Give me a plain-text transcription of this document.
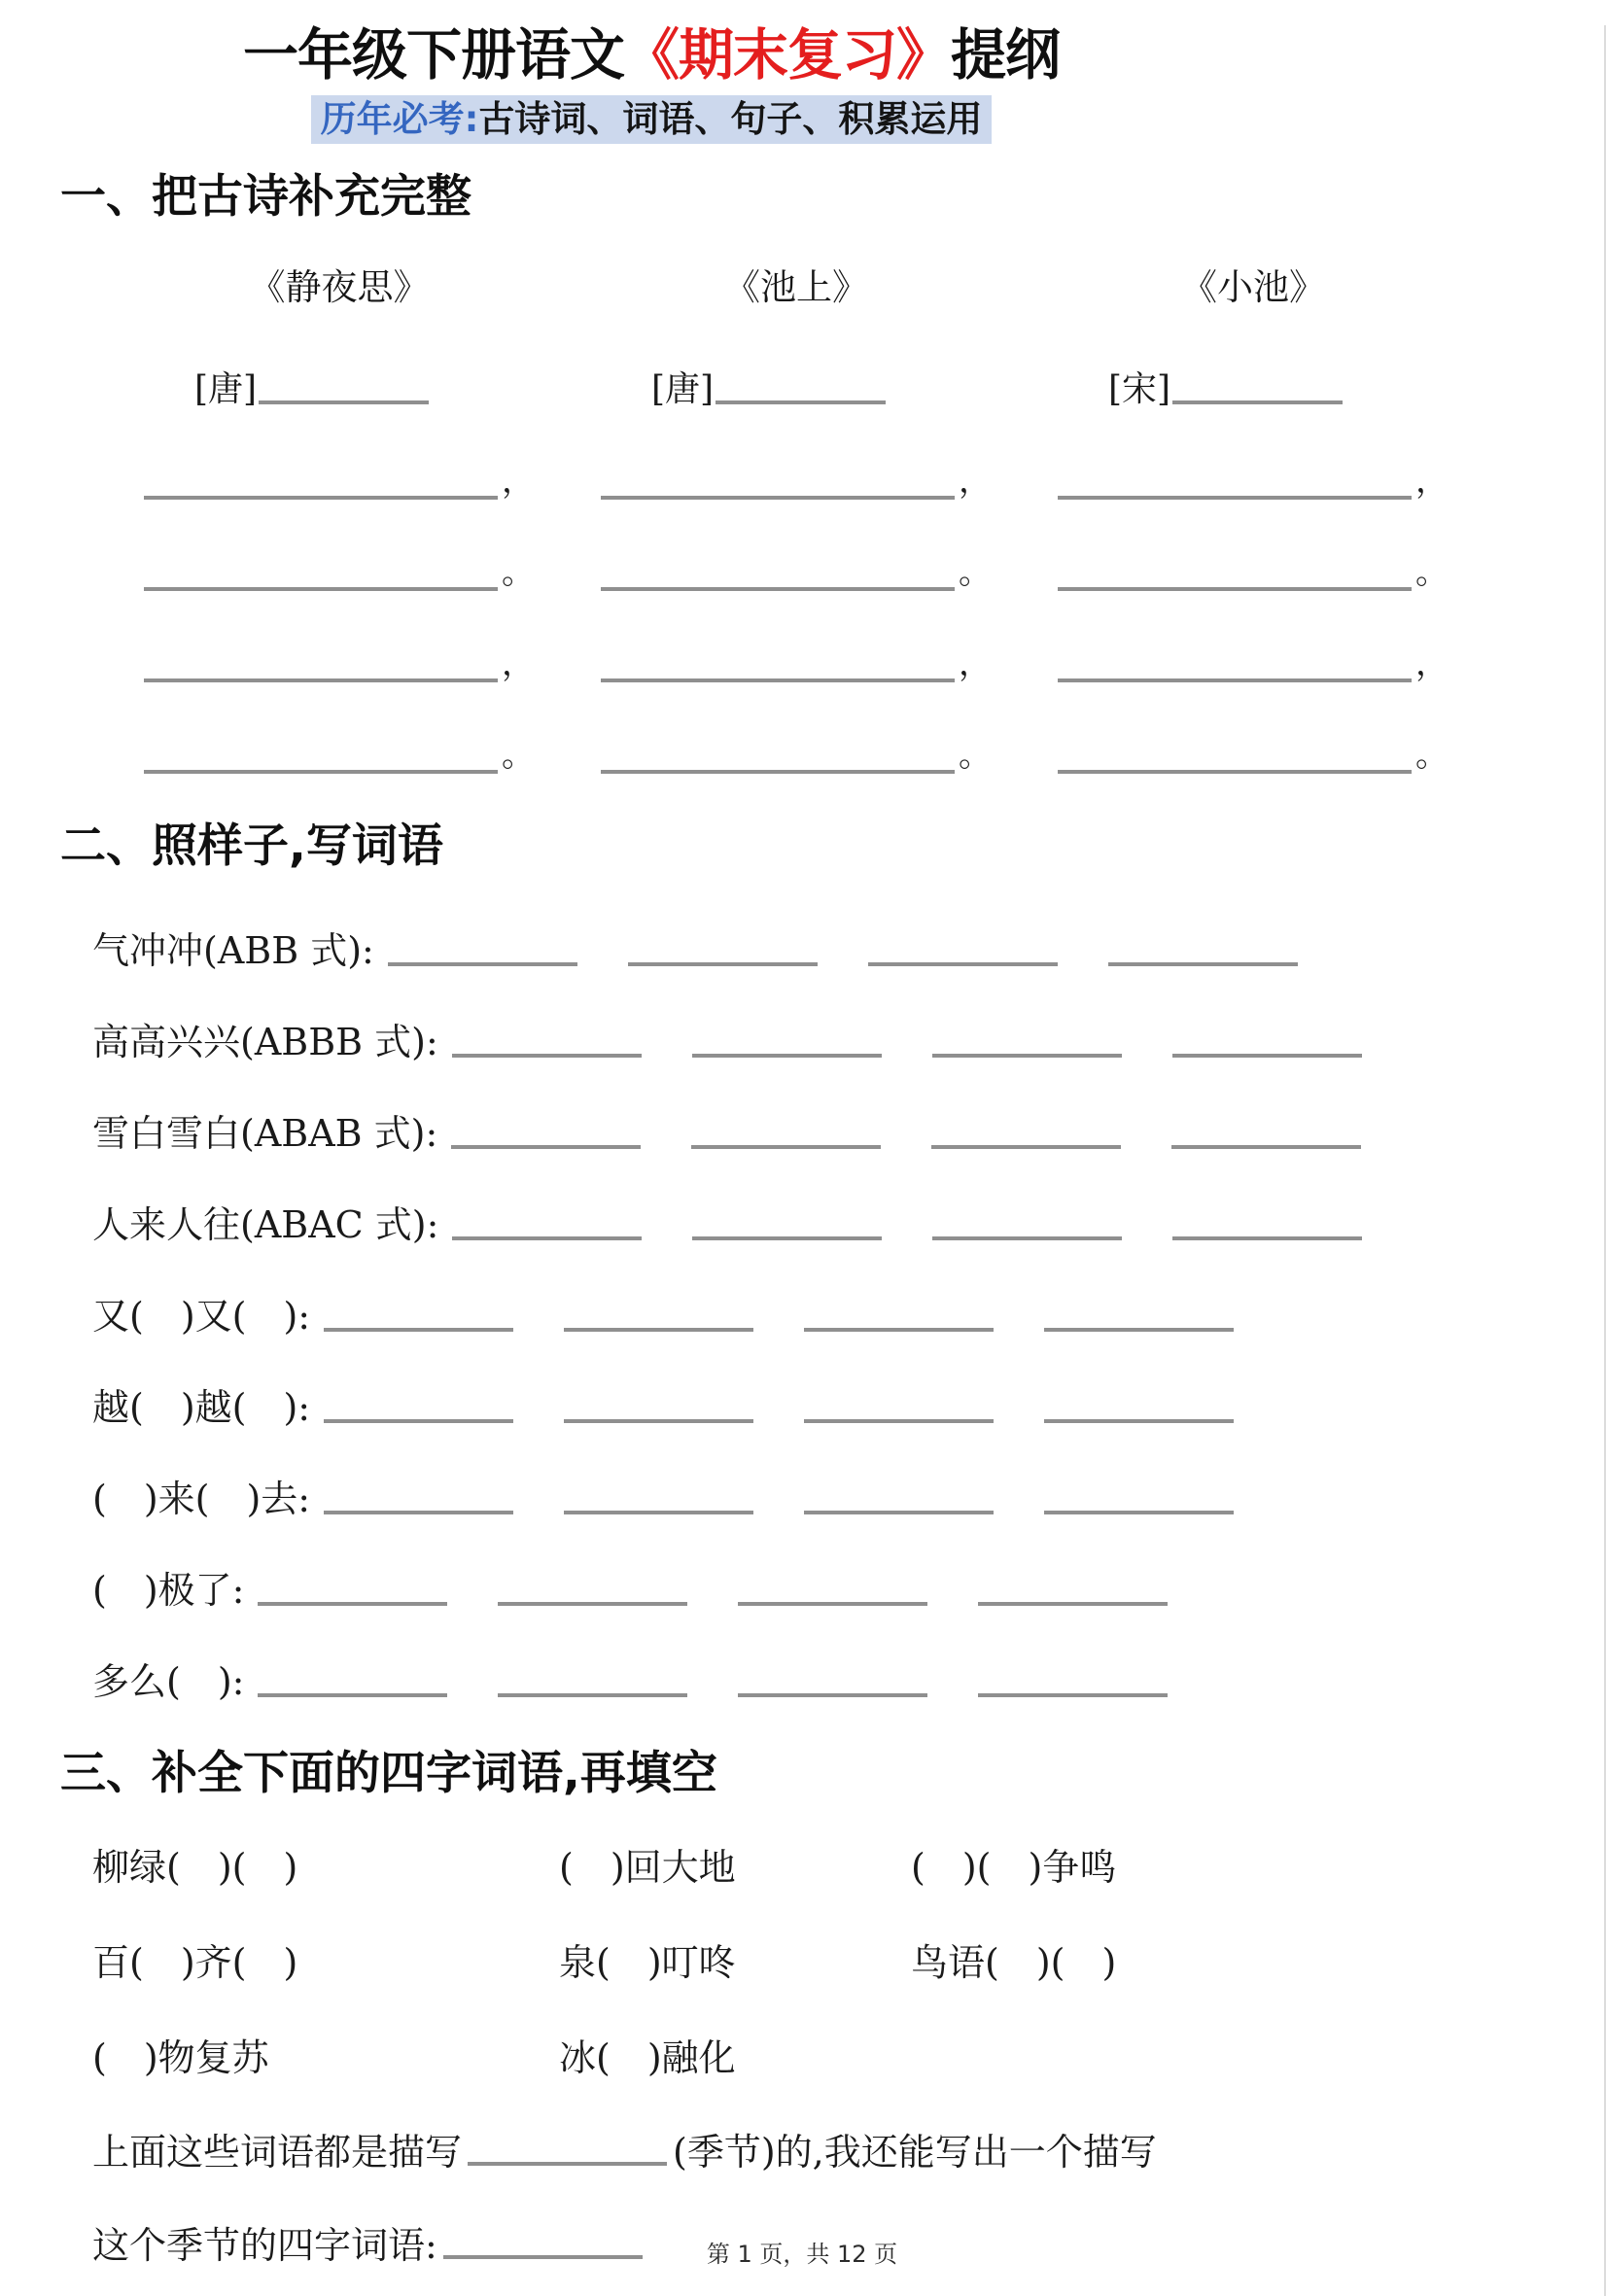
一年级下册语文《期末复习》提纲
历年必考:古诗词、词语、句子、积累运用
一、把古诗补充完整
《静夜思》
[唐]
，
。
，
。
《池上》
[唐]
，
。
，
。
《小池》
[宋]
，
。
，
。
二、照样子,写词语
气冲冲(ABB 式):
高高兴兴(ABBB 式):
雪白雪白(ABAB 式):
人来人往(ABAC 式):
又(　)又(　):
越(　)越(　):
(　)来(　)去:
(　)极了:
多么(　):
三、补全下面的四字词语,再填空
柳绿(　)(　)	(　)回大地	(　)(　)争鸣
百(　)齐(　)	泉(　)叮咚	鸟语(　)(　)
(　)物复苏	冰(　)融化
上面这些词语都是描写	(季节)的,我还能写出一个描写
这个季节的四字词语:	第 1 页，共 12 页
